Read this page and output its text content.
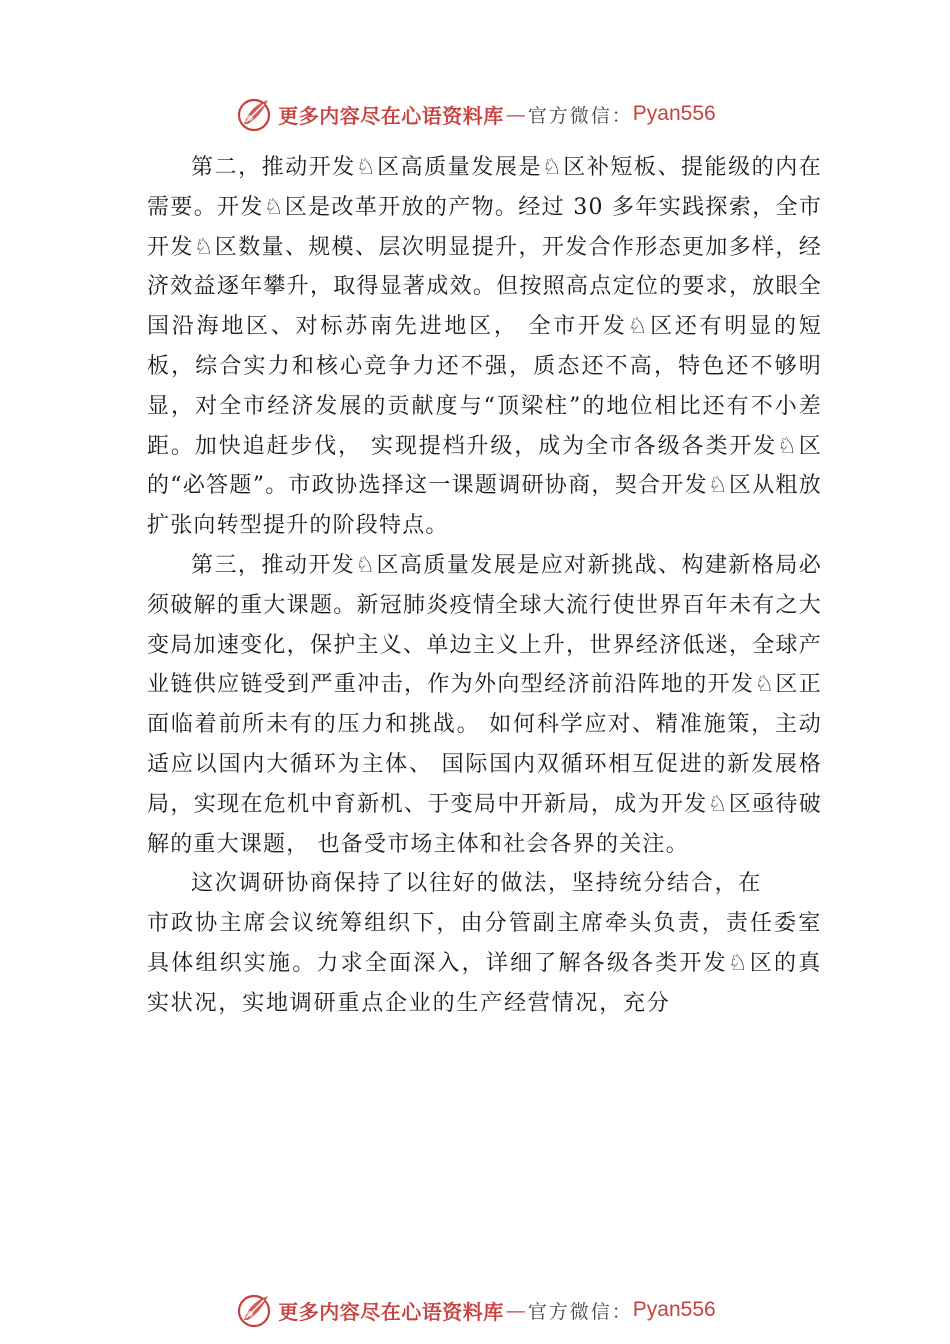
更多内容尽在心语资料库 — 官方微信： Pyan556

第二，推动开发♘区高质量发展是♘区补短板、提能级的内在需要。开发♘区是改革开放的产物。经过 30 多年实践探索，全市开发♘区数量、规模、层次明显提升，开发合作形态更加多样，经济效益逐年攀升，取得显著成效。但按照高点定位的要求，放眼全国沿海地区、对标苏南先进地区， 全市开发♘区还有明显的短板，综合实力和核心竞争力还不强，质态还不高，特色还不够明显，对全市经济发展的贡献度与“顶梁柱”的地位相比还有不小差距。加快追赶步伐， 实现提档升级，成为全市各级各类开发♘区的“必答题”。市政协选择这一课题调研协商，契合开发♘区从粗放扩张向转型提升的阶段特点。

第三，推动开发♘区高质量发展是应对新挑战、构建新格局必须破解的重大课题。新冠肺炎疫情全球大流行使世界百年未有之大变局加速变化，保护主义、单边主义上升，世界经济低迷，全球产业链供应链受到严重冲击，作为外向型经济前沿阵地的开发♘区正面临着前所未有的压力和挑战。 如何科学应对、精准施策，主动适应以国内大循环为主体、 国际国内双循环相互促进的新发展格局，实现在危机中育新机、于变局中开新局，成为开发♘区亟待破解的重大课题， 也备受市场主体和社会各界的关注。

这次调研协商保持了以往好的做法，坚持统分结合，在

市政协主席会议统筹组织下，由分管副主席牵头负责，责任委室具体组织实施。力求全面深入，详细了解各级各类开发♘区的真实状况，实地调研重点企业的生产经营情况，充分

更多内容尽在心语资料库 — 官方微信： Pyan556
